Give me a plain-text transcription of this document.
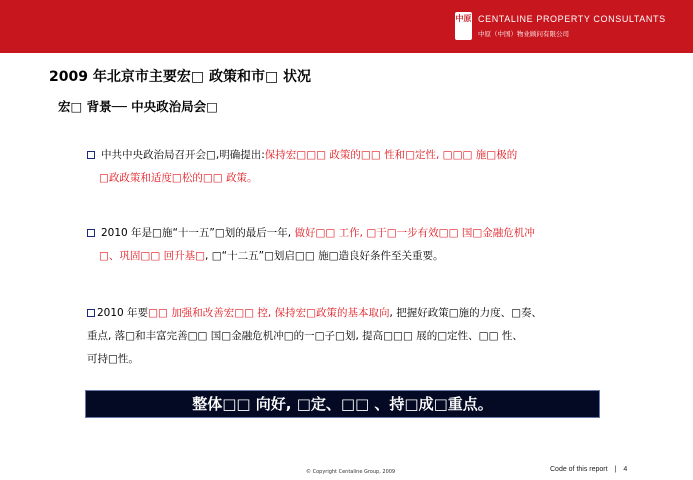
中原 CENTALINE PROPERTY CONSULTANTS
中原（中国）物业顾问有限公司
2009 年北京市主要宏□ 政策和市□ 状况
宏□ 背景── 中央政治局会□
中共中央政治局召开会□,明确提出:保持宏□□□ 政策的□□ 性和□定性, □□□ 施□极的
□政政策和适度□松的□□ 政策。
2010 年是□施“十一五”□划的最后一年, 做好□□ 工作, □于□一步有效□□ 国□金融危机冲
□、巩固□□ 回升基□, □“十二五”□划启□□ 施□造良好条件至关重要。
2010 年要□□ 加强和改善宏□□ 控, 保持宏□政策的基本取向, 把握好政策□施的力度、□奏、
重点, 落□和丰富完善□□ 国□金融危机冲□的一□子□划, 提高□□□ 展的□定性、□□ 性、
可持□性。
整体□□ 向好, □定、□□ 、持□成□重点。
© Copyright Centaline Group, 2009	Code of this report | 4
